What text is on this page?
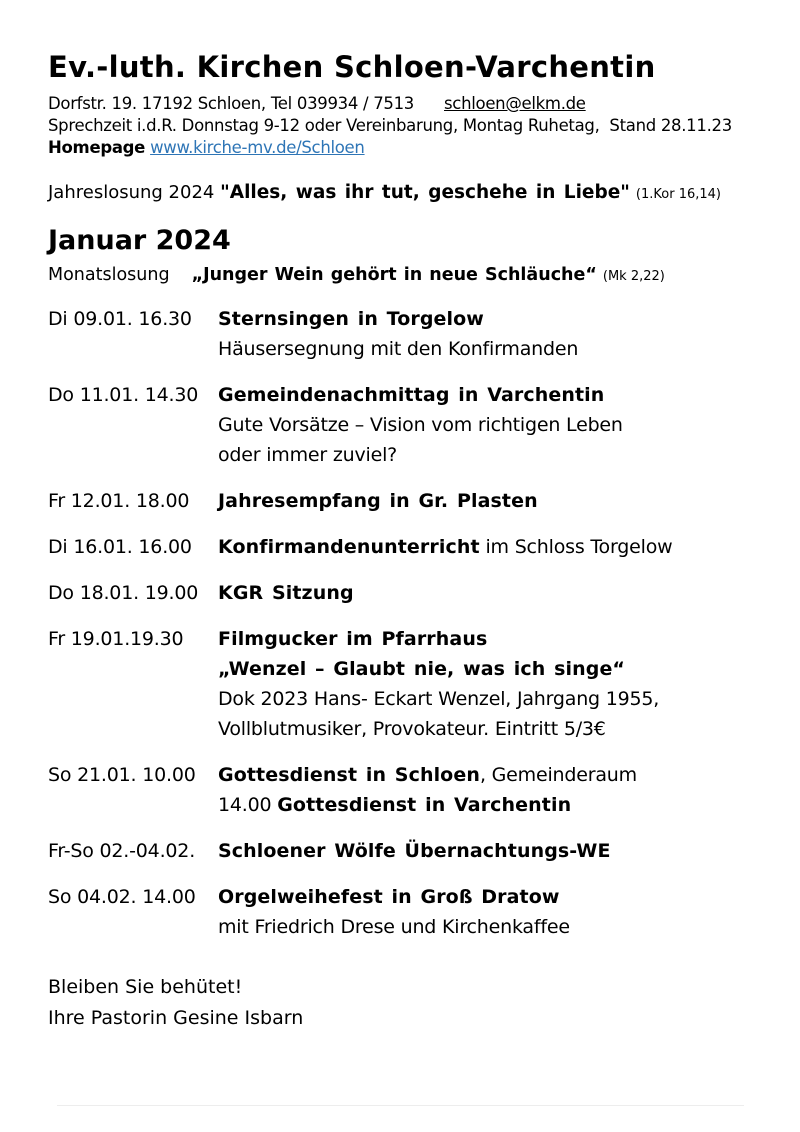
Ev.-luth. Kirchen Schloen-Varchentin
Dorfstr. 19. 17192 Schloen, Tel 039934 / 7513 schloen@elkm.de
Sprechzeit i.d.R. Donnstag 9-12 oder Vereinbarung, Montag Ruhetag,  Stand 28.11.23
Homepage www.kirche-mv.de/Schloen
Jahreslosung 2024 "Alles, was ihr tut, geschehe in Liebe" (1.Kor 16,14)
Januar 2024
Monatslosung „Junger Wein gehört in neue Schläuche“ (Mk 2,22)
Di 09.01. 16.30	Sternsingen in Torgelow
Häusersegnung mit den Konfirmanden
Do 11.01. 14.30	Gemeindenachmittag in Varchentin
Gute Vorsätze – Vision vom richtigen Leben
oder immer zuviel?
Fr 12.01. 18.00	Jahresempfang in Gr. Plasten
Di 16.01. 16.00	Konfirmandenunterricht im Schloss Torgelow
Do 18.01. 19.00	KGR Sitzung
Fr 19.01.19.30	Filmgucker im Pfarrhaus
„Wenzel – Glaubt nie, was ich singe“
Dok 2023 Hans- Eckart Wenzel, Jahrgang 1955,
Vollblutmusiker, Provokateur. Eintritt 5/3€
So 21.01. 10.00	Gottesdienst in Schloen, Gemeinderaum
14.00 Gottesdienst in Varchentin
Fr-So 02.-04.02.	Schloener Wölfe Übernachtungs-WE
So 04.02. 14.00	Orgelweihefest in Groß Dratow
mit Friedrich Drese und Kirchenkaffee

Bleiben Sie behütet!

Ihre Pastorin Gesine Isbarn
